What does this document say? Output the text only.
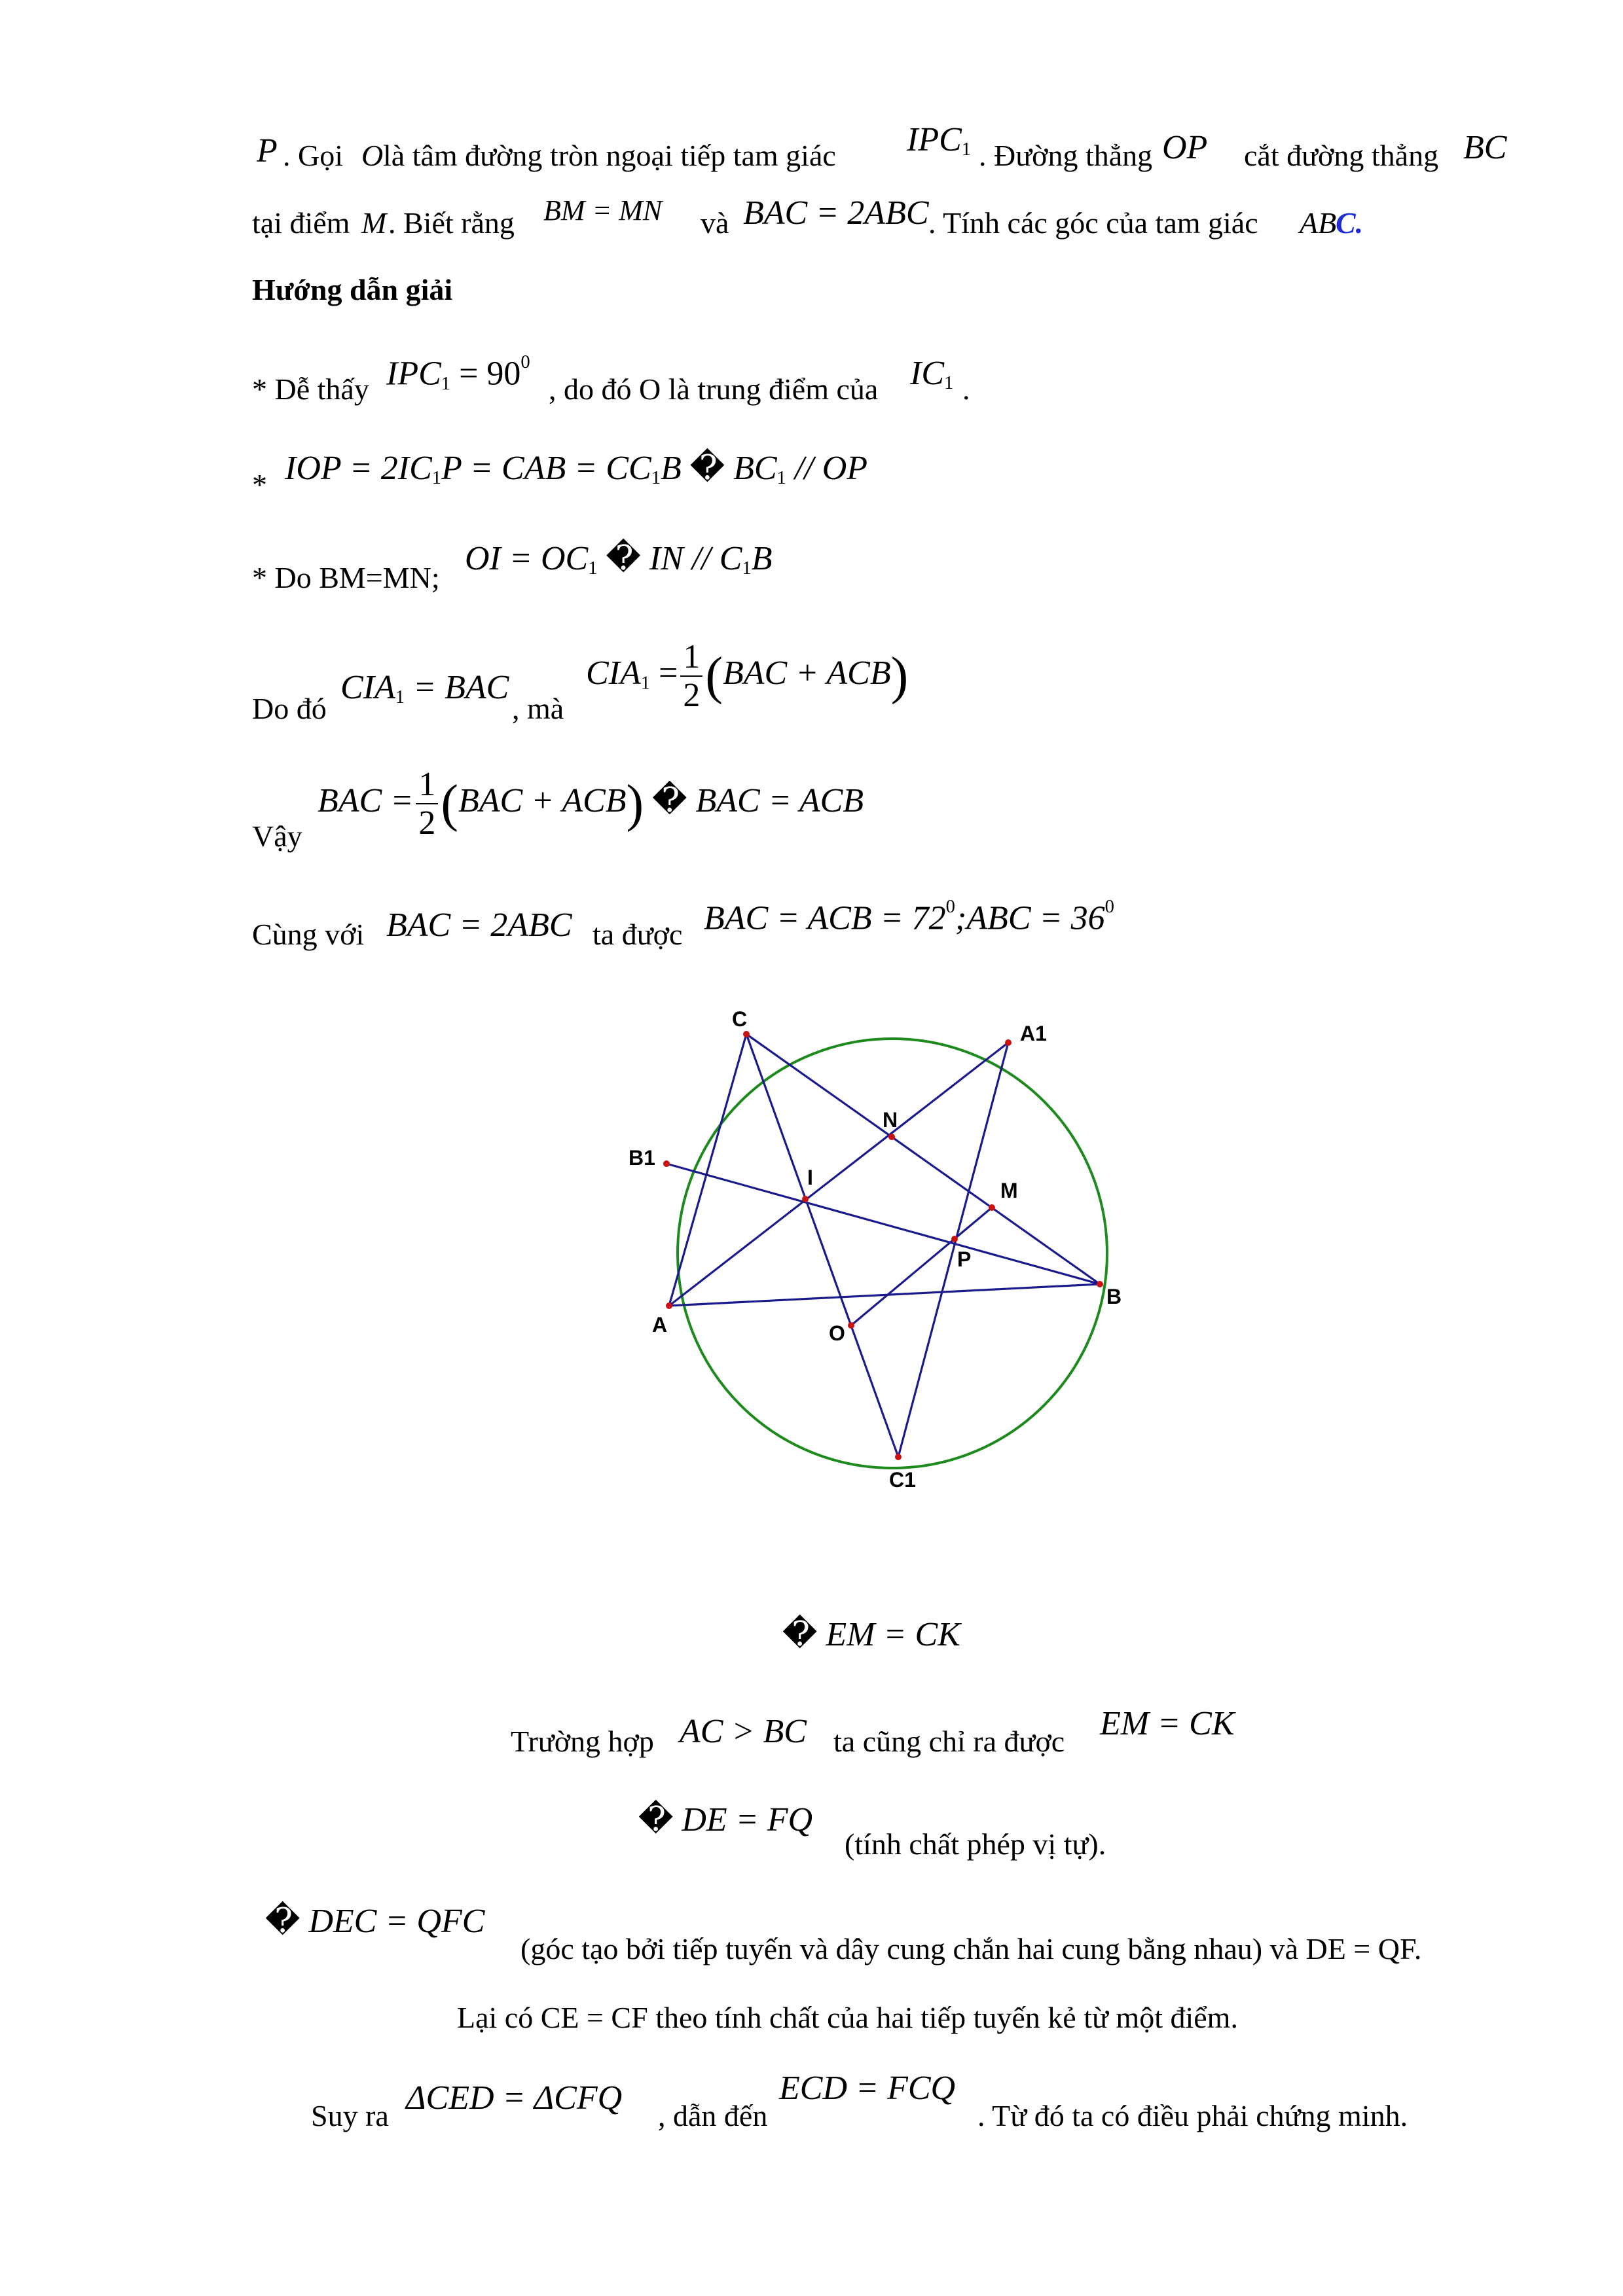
P . Gọi O là tâm đường tròn ngoại tiếp tam giác $IPC_1$ . Đường thẳng OP cắt đường thẳng BC
tại điểm M . Biết rằng BM = MN và BAC = 2ABC . Tính các góc của tam giác AB
C.
Hướng dẫn giải
* Dễ thấy $IPC_1 = 90^0$
, do đó O là trung điểm của $IC_1$ .
* IOP = $2IC_1P$ = CAB = $CC_1B$ � $BC_1$ // OP
* Do BM=MN;
OI = $OC_1$ � IN // $C_1B$
Do đó
$CIA_1$ = BAC
, mà
$CIA_1 = \frac{1}{2} (BAC + ACB)$
Vậy
BAC = $\frac{1}{2} (BAC + ACB)$ � BAC = ACB
Cùng với BAC = 2ABC ta được BAC = ACB = $72^0;ABC = 36^0$
C
A1
N
B1
I
M
P
B
A	O
C1
� EM = CK
Trường hợp AC > BC ta cũng chỉ ra được EM = CK
� DE = FQ
(tính chất phép vị tự).
� DEC = QFC
(góc tạo bởi tiếp tuyến và dây cung chắn hai cung bằng nhau) và DE = QF.
Lại có CE = CF theo tính chất của hai tiếp tuyến kẻ từ một điểm.
Suy ra ΔCED = ΔCFQ , dẫn đến
ECD = FCQ
. Từ đó ta có điều phải chứng minh.
